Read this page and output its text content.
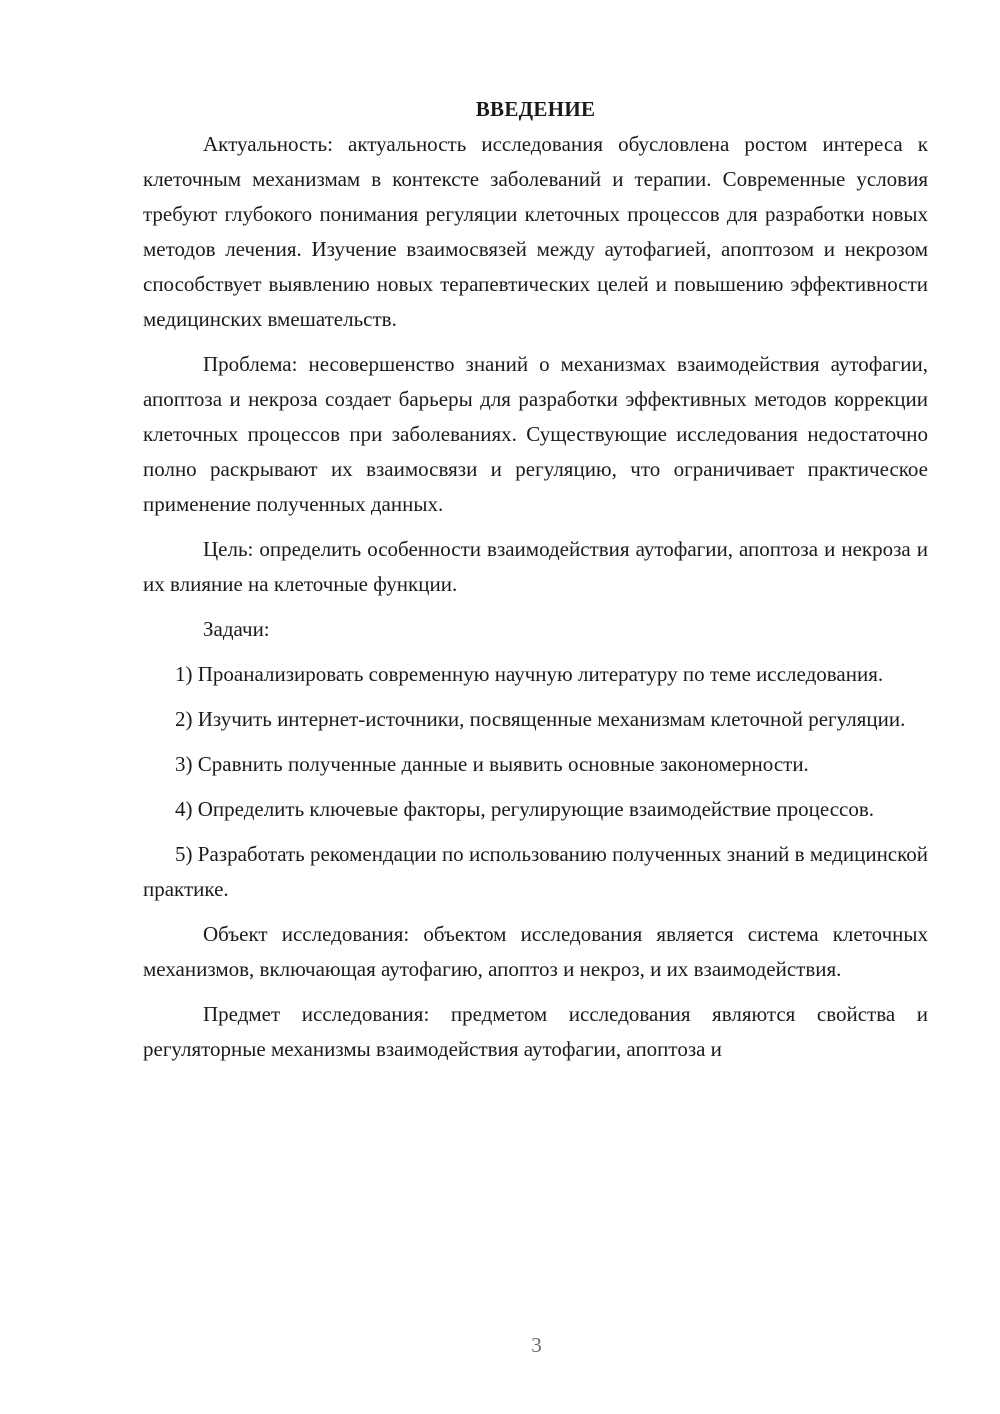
ВВЕДЕНИЕ

Актуальность: актуальность исследования обусловлена ростом интереса к клеточным механизмам в контексте заболеваний и терапии. Современные условия требуют глубокого понимания регуляции клеточных процессов для разработки новых методов лечения. Изучение взаимосвязей между аутофагией, апоптозом и некрозом способствует выявлению новых терапевтических целей и повышению эффективности медицинских вмешательств.

Проблема: несовершенство знаний о механизмах взаимодействия аутофагии, апоптоза и некроза создает барьеры для разработки эффективных методов коррекции клеточных процессов при заболеваниях. Существующие исследования недостаточно полно раскрывают их взаимосвязи и регуляцию, что ограничивает практическое применение полученных данных.

Цель: определить особенности взаимодействия аутофагии, апоптоза и некроза и их влияние на клеточные функции.

Задачи:

1) Проанализировать современную научную литературу по теме исследования.

2) Изучить интернет-источники, посвященные механизмам клеточной регуляции.

3) Сравнить полученные данные и выявить основные закономерности.

4) Определить ключевые факторы, регулирующие взаимодействие процессов.

5) Разработать рекомендации по использованию полученных знаний в медицинской практике.

Объект исследования: объектом исследования является система клеточных механизмов, включающая аутофагию, апоптоз и некроз, и их взаимодействия.

Предмет исследования: предметом исследования являются свойства и регуляторные механизмы взаимодействия аутофагии, апоптоза и

3
